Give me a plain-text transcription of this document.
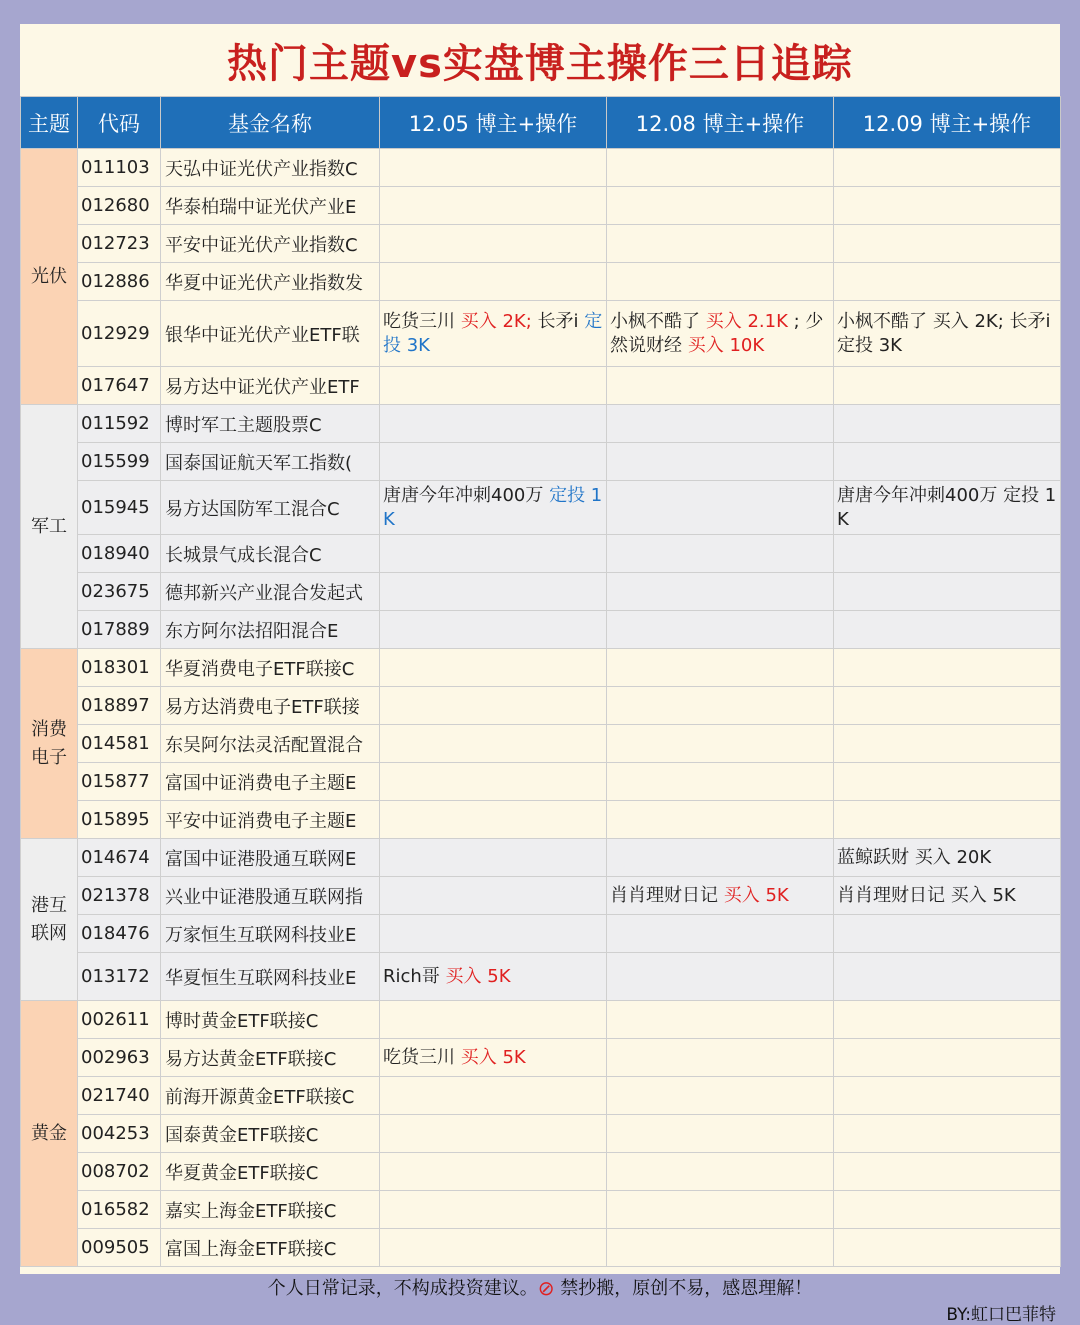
热门主题vs实盘博主操作三日追踪
主题	代码	基金名称	12.05 博主+操作	12.08 博主+操作	12.09 博主+操作
光伏	011103	天弘中证光伏产业指数C			
	012680	华泰柏瑞中证光伏产业E			
	012723	平安中证光伏产业指数C			
	012886	华夏中证光伏产业指数发			
	012929	银华中证光伏产业ETF联	吃货三川 买入 2K; 长矛i 定投 3K	小枫不酷了 买入 2.1K ; 少然说财经 买入 10K	小枫不酷了 买入 2K; 长矛i 定投 3K
	017647	易方达中证光伏产业ETF			
军工	011592	博时军工主题股票C			
	015599	国泰国证航天军工指数(			
	015945	易方达国防军工混合C	唐唐今年冲刺400万 定投 1K		唐唐今年冲刺400万 定投 1K
	018940	长城景气成长混合C			
	023675	德邦新兴产业混合发起式			
	017889	东方阿尔法招阳混合E			
消费电子	018301	华夏消费电子ETF联接C			
	018897	易方达消费电子ETF联接			
	014581	东吴阿尔法灵活配置混合			
	015877	富国中证消费电子主题E			
	015895	平安中证消费电子主题E			
港互联网	014674	富国中证港股通互联网E			蓝鲸跃财 买入 20K
	021378	兴业中证港股通互联网指		肖肖理财日记 买入 5K	肖肖理财日记 买入 5K
	018476	万家恒生互联网科技业E			
	013172	华夏恒生互联网科技业E	Rich哥 买入 5K		
黄金	002611	博时黄金ETF联接C			
	002963	易方达黄金ETF联接C	吃货三川 买入 5K		
	021740	前海开源黄金ETF联接C			
	004253	国泰黄金ETF联接C			
	008702	华夏黄金ETF联接C			
	016582	嘉实上海金ETF联接C			
	009505	富国上海金ETF联接C			
个人日常记录，不构成投资建议。⊘ 禁抄搬，原创不易，感恩理解！
BY:虹口巴菲特
